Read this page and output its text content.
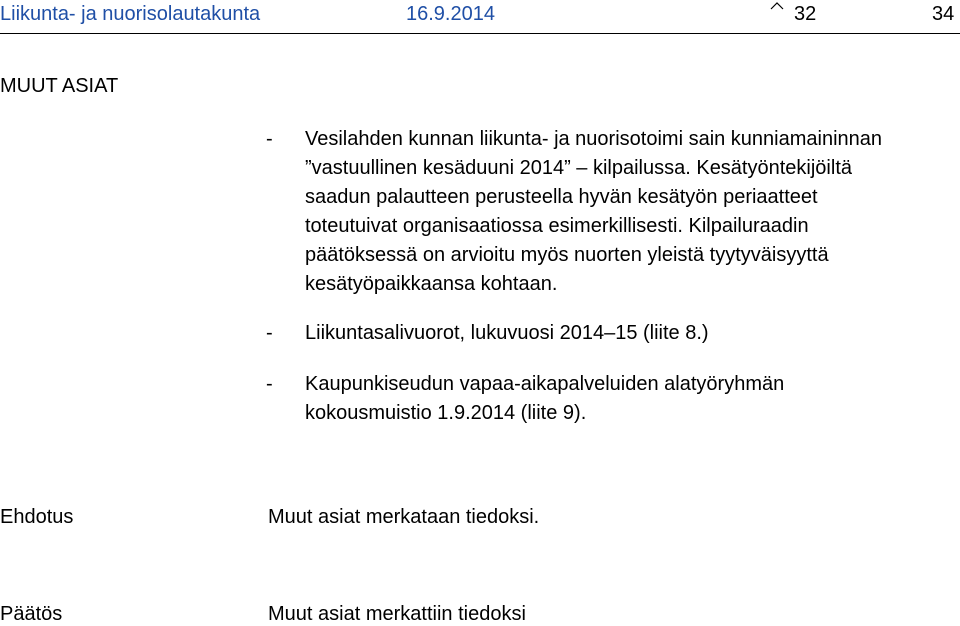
Liikunta- ja nuorisolautakunta	16.9.2014	32	34
MUUT ASIAT
- Vesilahden kunnan liikunta- ja nuorisotoimi sain kunniamaininnan
”vastuullinen kesäduuni 2014” – kilpailussa. Kesätyöntekijöiltä
saadun palautteen perusteella hyvän kesätyön periaatteet
toteutuivat organisaatiossa esimerkillisesti. Kilpailuraadin
päätöksessä on arvioitu myös nuorten yleistä tyytyväisyyttä
kesätyöpaikkaansa kohtaan.
- Liikuntasalivuorot, lukuvuosi 2014–15 (liite 8.)
- Kaupunkiseudun vapaa-aikapalveluiden alatyöryhmän
kokousmuistio 1.9.2014 (liite 9).
Ehdotus	Muut asiat merkataan tiedoksi.
Päätös	Muut asiat merkattiin tiedoksi
